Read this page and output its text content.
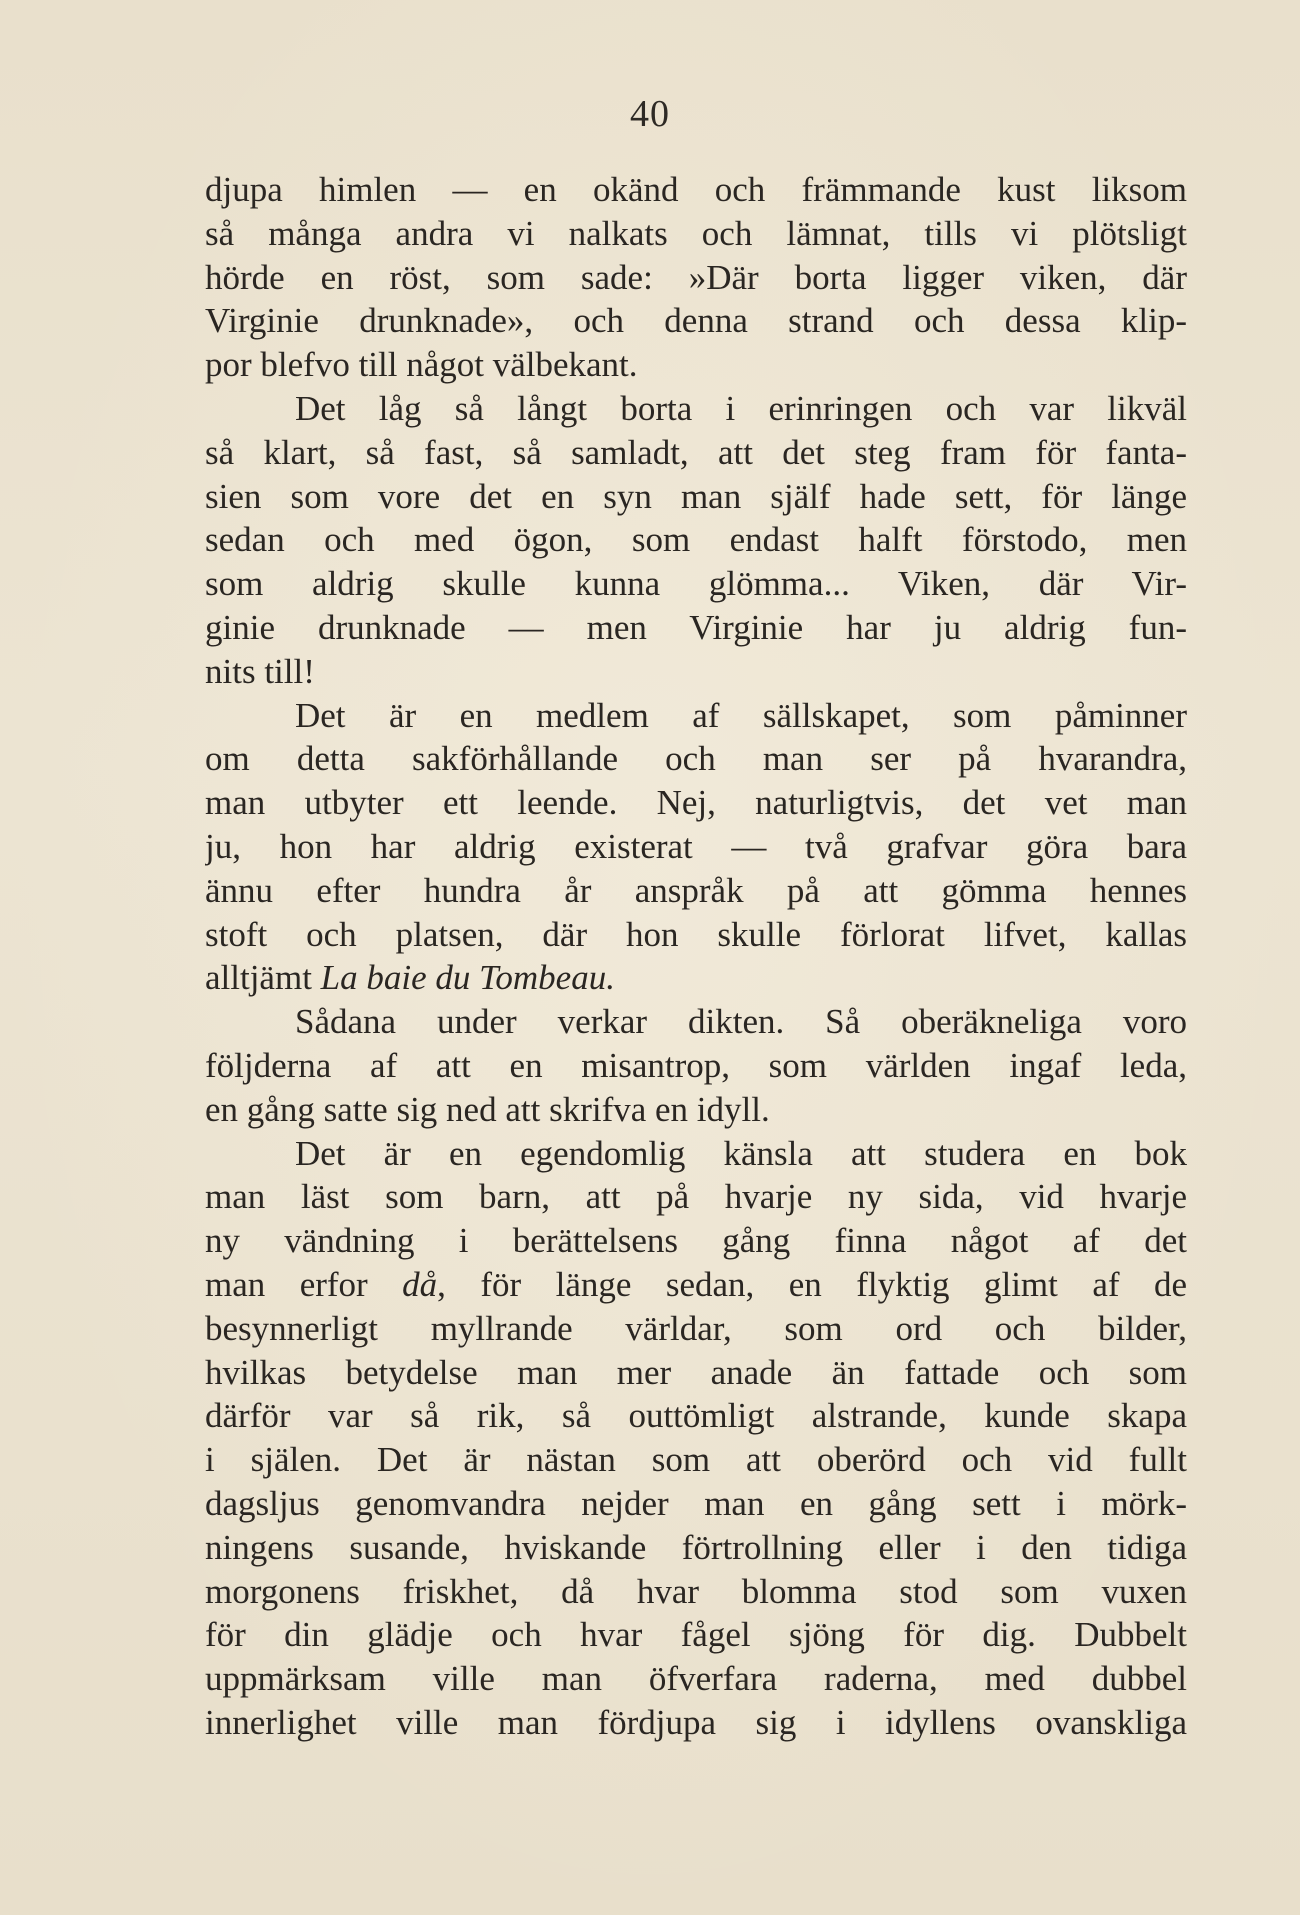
40
djupa himlen — en okänd och främmande kust liksom
så många andra vi nalkats och lämnat, tills vi plötsligt
hörde en röst, som sade: »Där borta ligger viken, där
Virginie drunknade», och denna strand och dessa klip-
por blefvo till något välbekant.
Det låg så långt borta i erinringen och var likväl
så klart, så fast, så samladt, att det steg fram för fanta-
sien som vore det en syn man själf hade sett, för länge
sedan och med ögon, som endast halft förstodo, men
som aldrig skulle kunna glömma... Viken, där Vir-
ginie drunknade — men Virginie har ju aldrig fun-
nits till!
Det är en medlem af sällskapet, som påminner
om detta sakförhållande och man ser på hvarandra,
man utbyter ett leende. Nej, naturligtvis, det vet man
ju, hon har aldrig existerat — två grafvar göra bara
ännu efter hundra år anspråk på att gömma hennes
stoft och platsen, där hon skulle förlorat lifvet, kallas
alltjämt La baie du Tombeau.
Sådana under verkar dikten. Så oberäkneliga voro
följderna af att en misantrop, som världen ingaf leda,
en gång satte sig ned att skrifva en idyll.
Det är en egendomlig känsla att studera en bok
man läst som barn, att på hvarje ny sida, vid hvarje
ny vändning i berättelsens gång finna något af det
man erfor då, för länge sedan, en flyktig glimt af de
besynnerligt myllrande världar, som ord och bilder,
hvilkas betydelse man mer anade än fattade och som
därför var så rik, så outtömligt alstrande, kunde skapa
i själen. Det är nästan som att oberörd och vid fullt
dagsljus genomvandra nejder man en gång sett i mörk-
ningens susande, hviskande förtrollning eller i den tidiga
morgonens friskhet, då hvar blomma stod som vuxen
för din glädje och hvar fågel sjöng för dig. Dubbelt
uppmärksam ville man öfverfara raderna, med dubbel
innerlighet ville man fördjupa sig i idyllens ovanskliga
